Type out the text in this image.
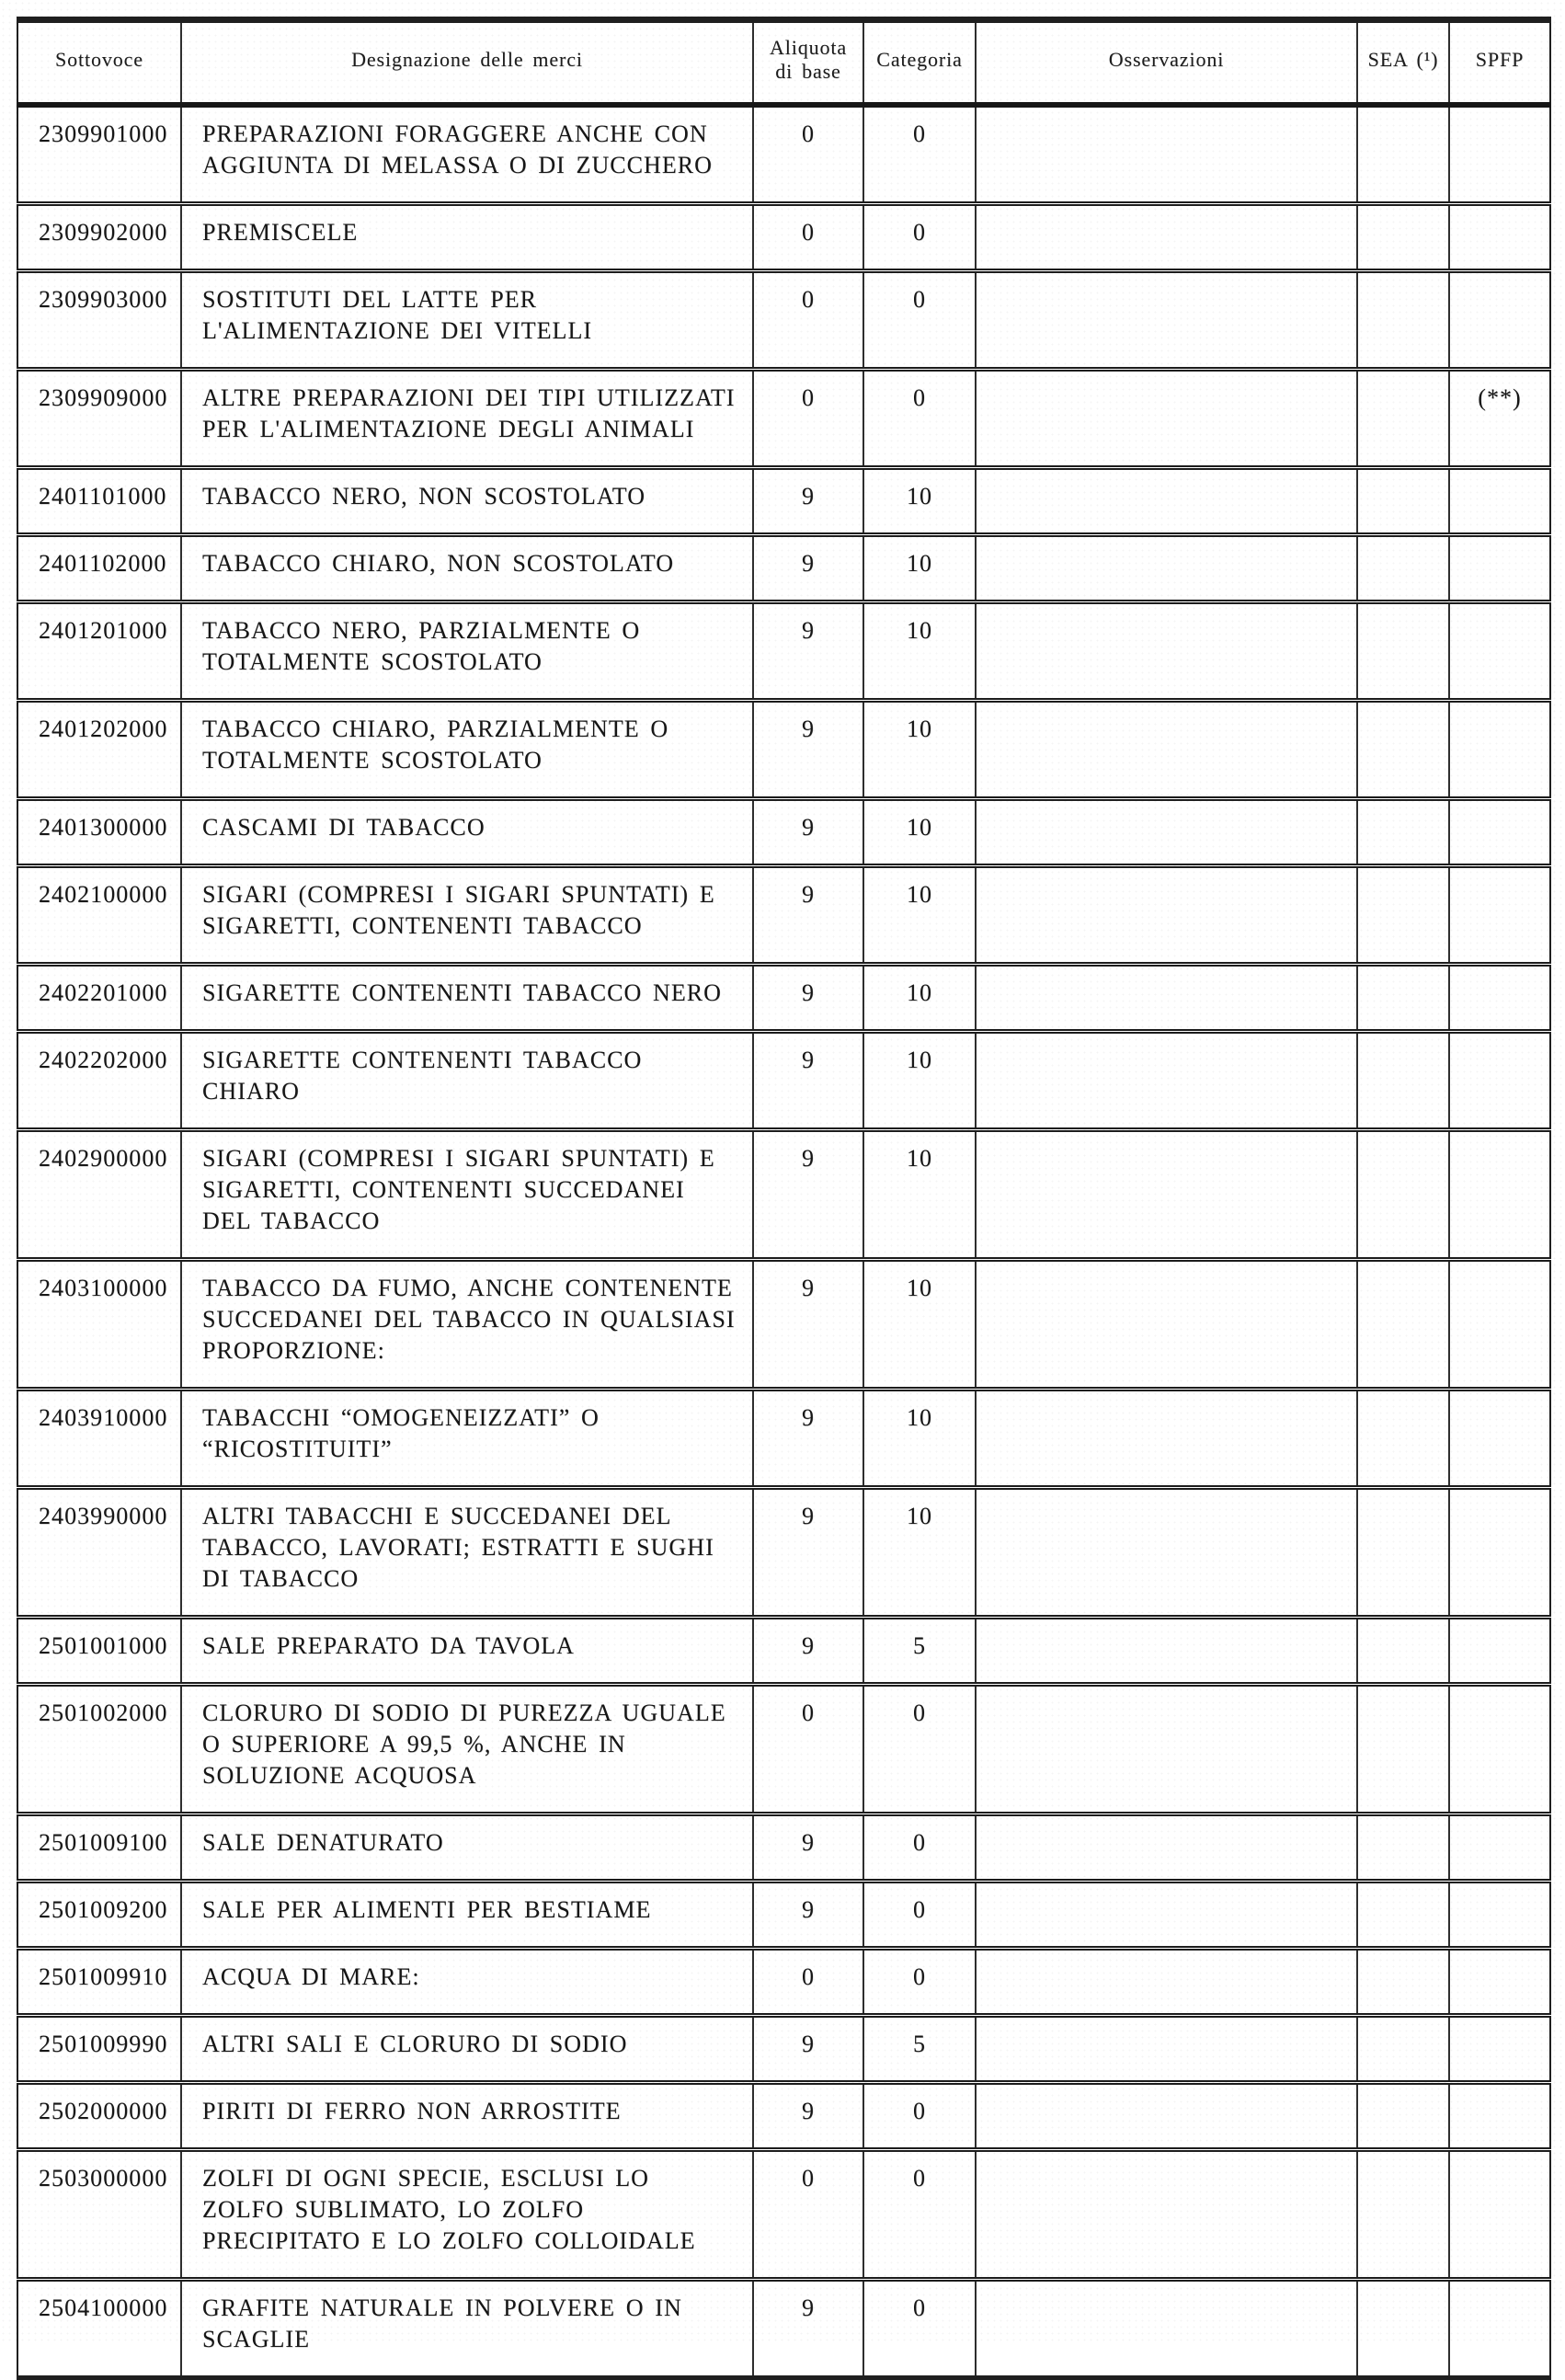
Sottovoce	Designazione delle merci	Aliquota di base	Categoria	Osservazioni	SEA (¹)	SPFP
2309901000	PREPARAZIONI FORAGGERE ANCHE CON AGGIUNTA DI MELASSA O DI ZUCCHERO	0	0			
2309902000	PREMISCELE	0	0			
2309903000	SOSTITUTI DEL LATTE PER L'ALIMENTAZIONE DEI VITELLI	0	0			
2309909000	ALTRE PREPARAZIONI DEI TIPI UTILIZZATI PER L'ALIMENTAZIONE DEGLI ANIMALI	0	0			(**)
2401101000	TABACCO NERO, NON SCOSTOLATO	9	10			
2401102000	TABACCO CHIARO, NON SCOSTOLATO	9	10			
2401201000	TABACCO NERO, PARZIALMENTE O TOTALMENTE SCOSTOLATO	9	10			
2401202000	TABACCO CHIARO, PARZIALMENTE O TOTALMENTE SCOSTOLATO	9	10			
2401300000	CASCAMI DI TABACCO	9	10			
2402100000	SIGARI (COMPRESI I SIGARI SPUNTATI) E SIGARETTI, CONTENENTI TABACCO	9	10			
2402201000	SIGARETTE CONTENENTI TABACCO NERO	9	10			
2402202000	SIGARETTE CONTENENTI TABACCO CHIARO	9	10			
2402900000	SIGARI (COMPRESI I SIGARI SPUNTATI) E SIGARETTI, CONTENENTI SUCCEDANEI DEL TABACCO	9	10			
2403100000	TABACCO DA FUMO, ANCHE CONTENENTE SUCCEDANEI DEL TABACCO IN QUALSIASI PROPORZIONE:	9	10			
2403910000	TABACCHI “OMOGENEIZZATI” O “RICOSTITUITI”	9	10			
2403990000	ALTRI TABACCHI E SUCCEDANEI DEL TABACCO, LAVORATI; ESTRATTI E SUGHI DI TABACCO	9	10			
2501001000	SALE PREPARATO DA TAVOLA	9	5			
2501002000	CLORURO DI SODIO DI PUREZZA UGUALE O SUPERIORE A 99,5 %, ANCHE IN SOLUZIONE ACQUOSA	0	0			
2501009100	SALE DENATURATO	9	0			
2501009200	SALE PER ALIMENTI PER BESTIAME	9	0			
2501009910	ACQUA DI MARE:	0	0			
2501009990	ALTRI SALI E CLORURO DI SODIO	9	5			
2502000000	PIRITI DI FERRO NON ARROSTITE	9	0			
2503000000	ZOLFI DI OGNI SPECIE, ESCLUSI LO ZOLFO SUBLIMATO, LO ZOLFO PRECIPITATO E LO ZOLFO COLLOIDALE	0	0			
2504100000	GRAFITE NATURALE IN POLVERE O IN SCAGLIE	9	0			
